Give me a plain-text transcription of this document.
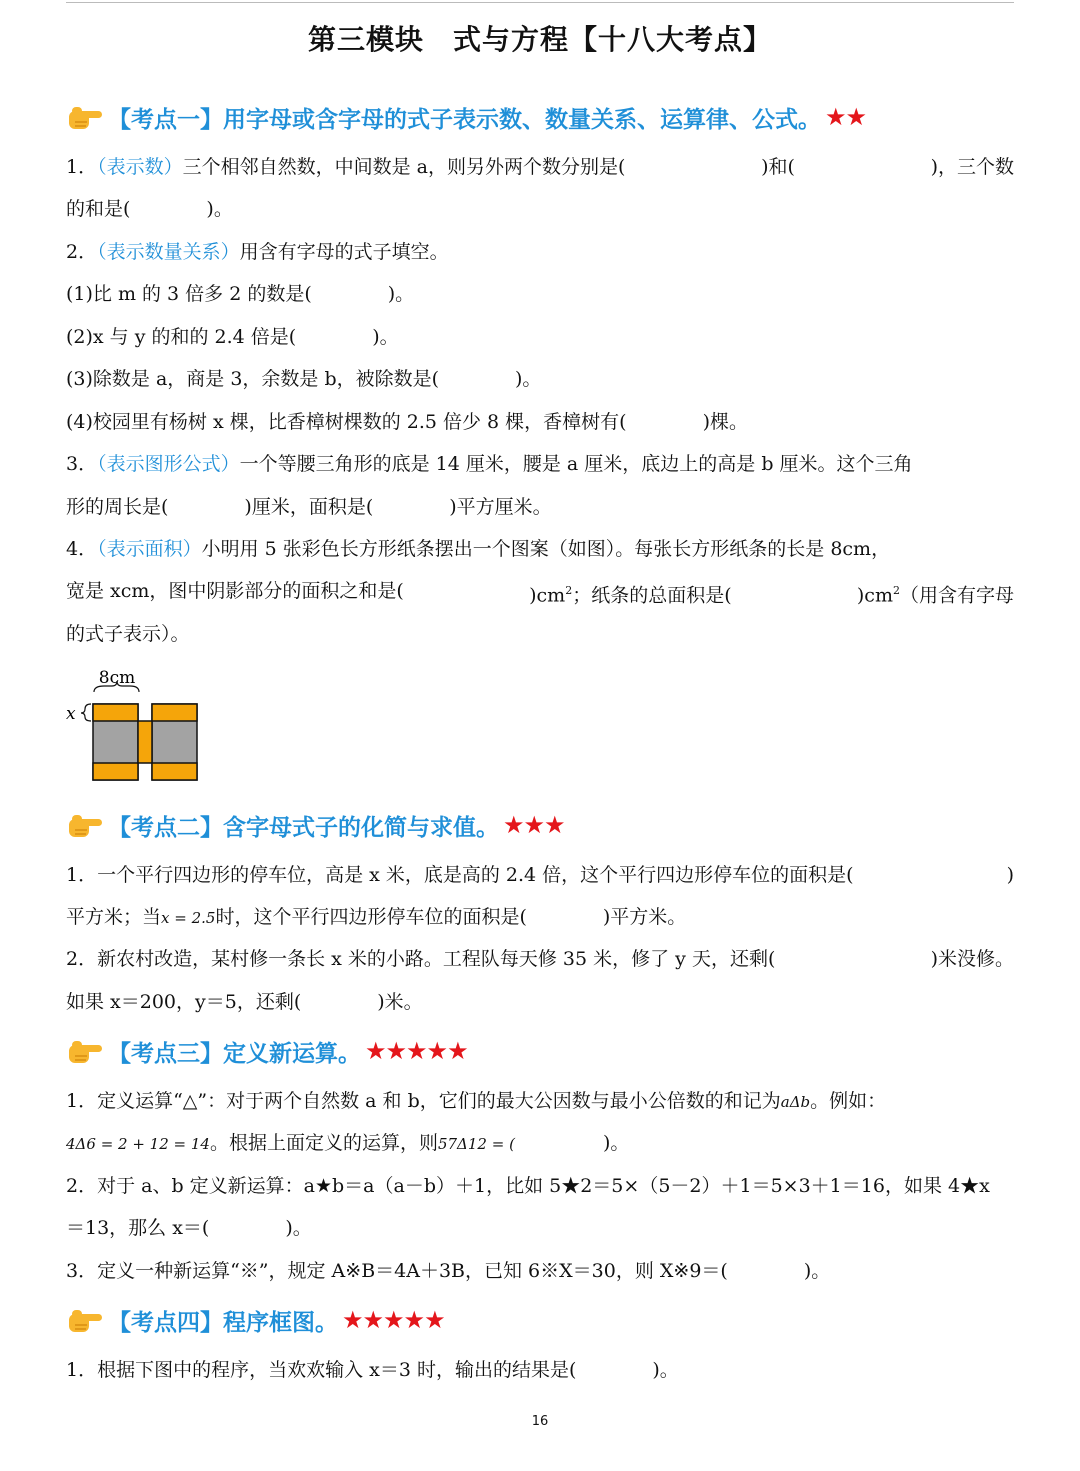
第三模块　式与方程【十八大考点】
【考点一】用字母或含字母的式子表示数、数量关系、运算律、公式。 ★★
1．（表示数）三个相邻自然数，中间数是 a，则另外两个数分别是(	)和(	)，三个数
的和是(　　　　)。
2．（表示数量关系）用含有字母的式子填空。
(1)比 m 的 3 倍多 2 的数是(　　　　)。
(2)x 与 y 的和的 2.4 倍是(　　　　)。
(3)除数是 a，商是 3，余数是 b，被除数是(　　　　)。
(4)校园里有杨树 x 棵，比香樟树棵数的 2.5 倍少 8 棵，香樟树有(　　　　)棵。
3．（表示图形公式）一个等腰三角形的底是 14 厘米，腰是 a 厘米，底边上的高是 b 厘米。这个三角
形的周长是(　　　　)厘米，面积是(　　　　)平方厘米。
4．（表示面积）小明用 5 张彩色长方形纸条摆出一个图案（如图）。每张长方形纸条的长是 8cm，
宽是 xcm，图中阴影部分的面积之和是(	)$cm^2$；纸条的总面积是(	)$cm^2$（用含有字母
的式子表示）。
8cm
x
【考点二】含字母式子的化简与求值。 ★★★
1．一个平行四边形的停车位，高是 x 米，底是高的 2.4 倍，这个平行四边形停车位的面积是(	)
平方米；当x = 2.5时，这个平行四边形停车位的面积是(　　　　)平方米。
2．新农村改造，某村修一条长 x 米的小路。工程队每天修 35 米，修了 y 天，还剩(	)米没修。
如果 x＝200，y＝5，还剩(　　　　)米。
【考点三】定义新运算。 ★★★★★
1．定义运算“△”：对于两个自然数 a 和 b，它们的最大公因数与最小公倍数的和记为aΔb。例如：
4Δ6 = 2 + 12 = 14。根据上面定义的运算，则57Δ12 = (	)。
2．对于 a、b 定义新运算：a★b＝a（a－b）＋1，比如 5★2＝5×（5－2）＋1＝5×3＋1＝16，如果 4★x
＝13，那么 x＝(　　　　)。
3．定义一种新运算“※”，规定 A※B＝4A＋3B，已知 6※X＝30，则 X※9＝(　　　　)。
【考点四】程序框图。 ★★★★★
1．根据下图中的程序，当欢欢输入 x＝3 时，输出的结果是(　　　　)。
16
